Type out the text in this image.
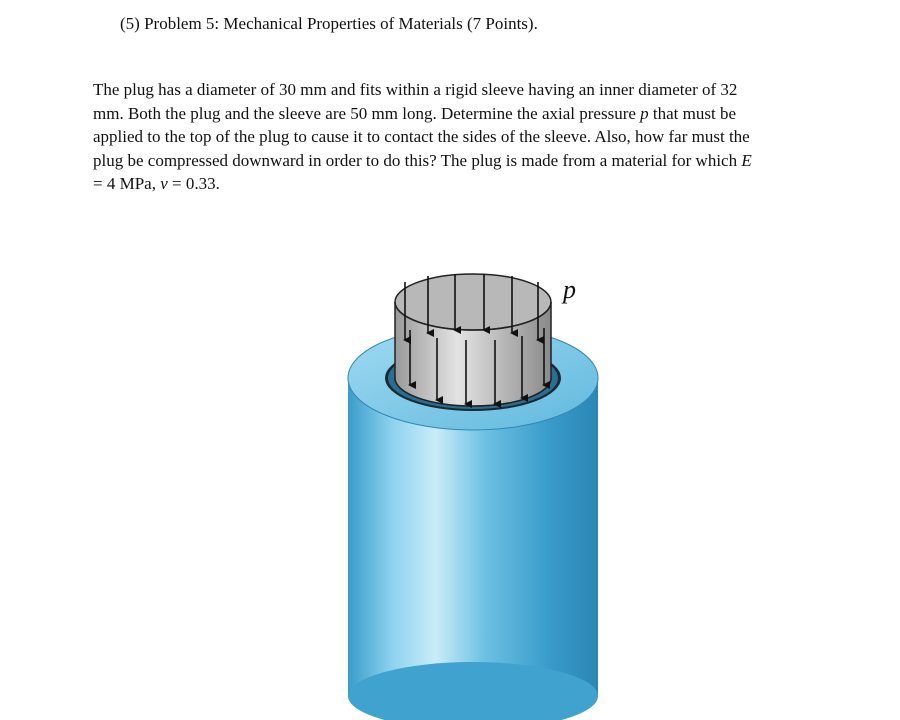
(5) Problem 5: Mechanical Properties of Materials (7 Points).
The plug has a diameter of 30 mm and fits within a rigid sleeve having an inner diameter of 32
mm. Both the plug and the sleeve are 50 mm long. Determine the axial pressure p that must be
applied to the top of the plug to cause it to contact the sides of the sleeve. Also, how far must the
plug be compressed downward in order to do this? The plug is made from a material for which E
= 4 MPa, v = 0.33.
p
